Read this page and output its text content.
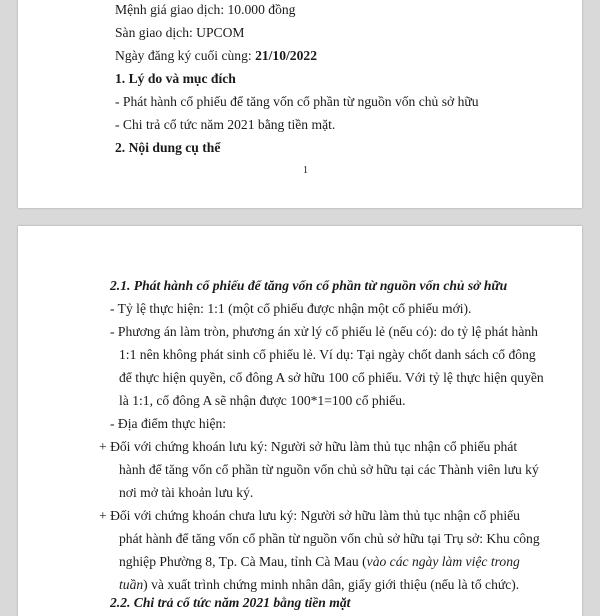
Mệnh giá giao dịch: 10.000 đồng
Sàn giao dịch: UPCOM
Ngày đăng ký cuối cùng: 21/10/2022
1. Lý do và mục đích
- Phát hành cổ phiếu để tăng vốn cổ phần từ nguồn vốn chủ sở hữu
- Chi trả cổ tức năm 2021 bằng tiền mặt.
2. Nội dung cụ thể
1
2.1. Phát hành cổ phiếu để tăng vốn cổ phần từ nguồn vốn chủ sở hữu
- Tỷ lệ thực hiện: 1:1 (một cổ phiếu được nhận một cổ phiếu mới).
- Phương án làm tròn, phương án xử lý cổ phiếu lẻ (nếu có): do tỷ lệ phát hành
1:1 nên không phát sinh cổ phiếu lẻ. Ví dụ: Tại ngày chốt danh sách cổ đông
để thực hiện quyền, cổ đông A sở hữu 100 cổ phiếu. Với tỷ lệ thực hiện quyền
là 1:1, cổ đông A sẽ nhận được 100*1=100 cổ phiếu.
- Địa điểm thực hiện:
+ Đối với chứng khoán lưu ký: Người sở hữu làm thủ tục nhận cổ phiếu phát
hành để tăng vốn cổ phần từ nguồn vốn chủ sở hữu tại các Thành viên lưu ký
nơi mở tài khoản lưu ký.
+ Đối với chứng khoán chưa lưu ký: Người sở hữu làm thủ tục nhận cổ phiếu
phát hành để tăng vốn cổ phần từ nguồn vốn chủ sở hữu tại Trụ sở: Khu công
nghiệp Phường 8, Tp. Cà Mau, tỉnh Cà Mau (vào các ngày làm việc trong
tuần) và xuất trình chứng minh nhân dân, giấy giới thiệu (nếu là tổ chức).
2.2. Chi trả cổ tức năm 2021 bằng tiền mặt
